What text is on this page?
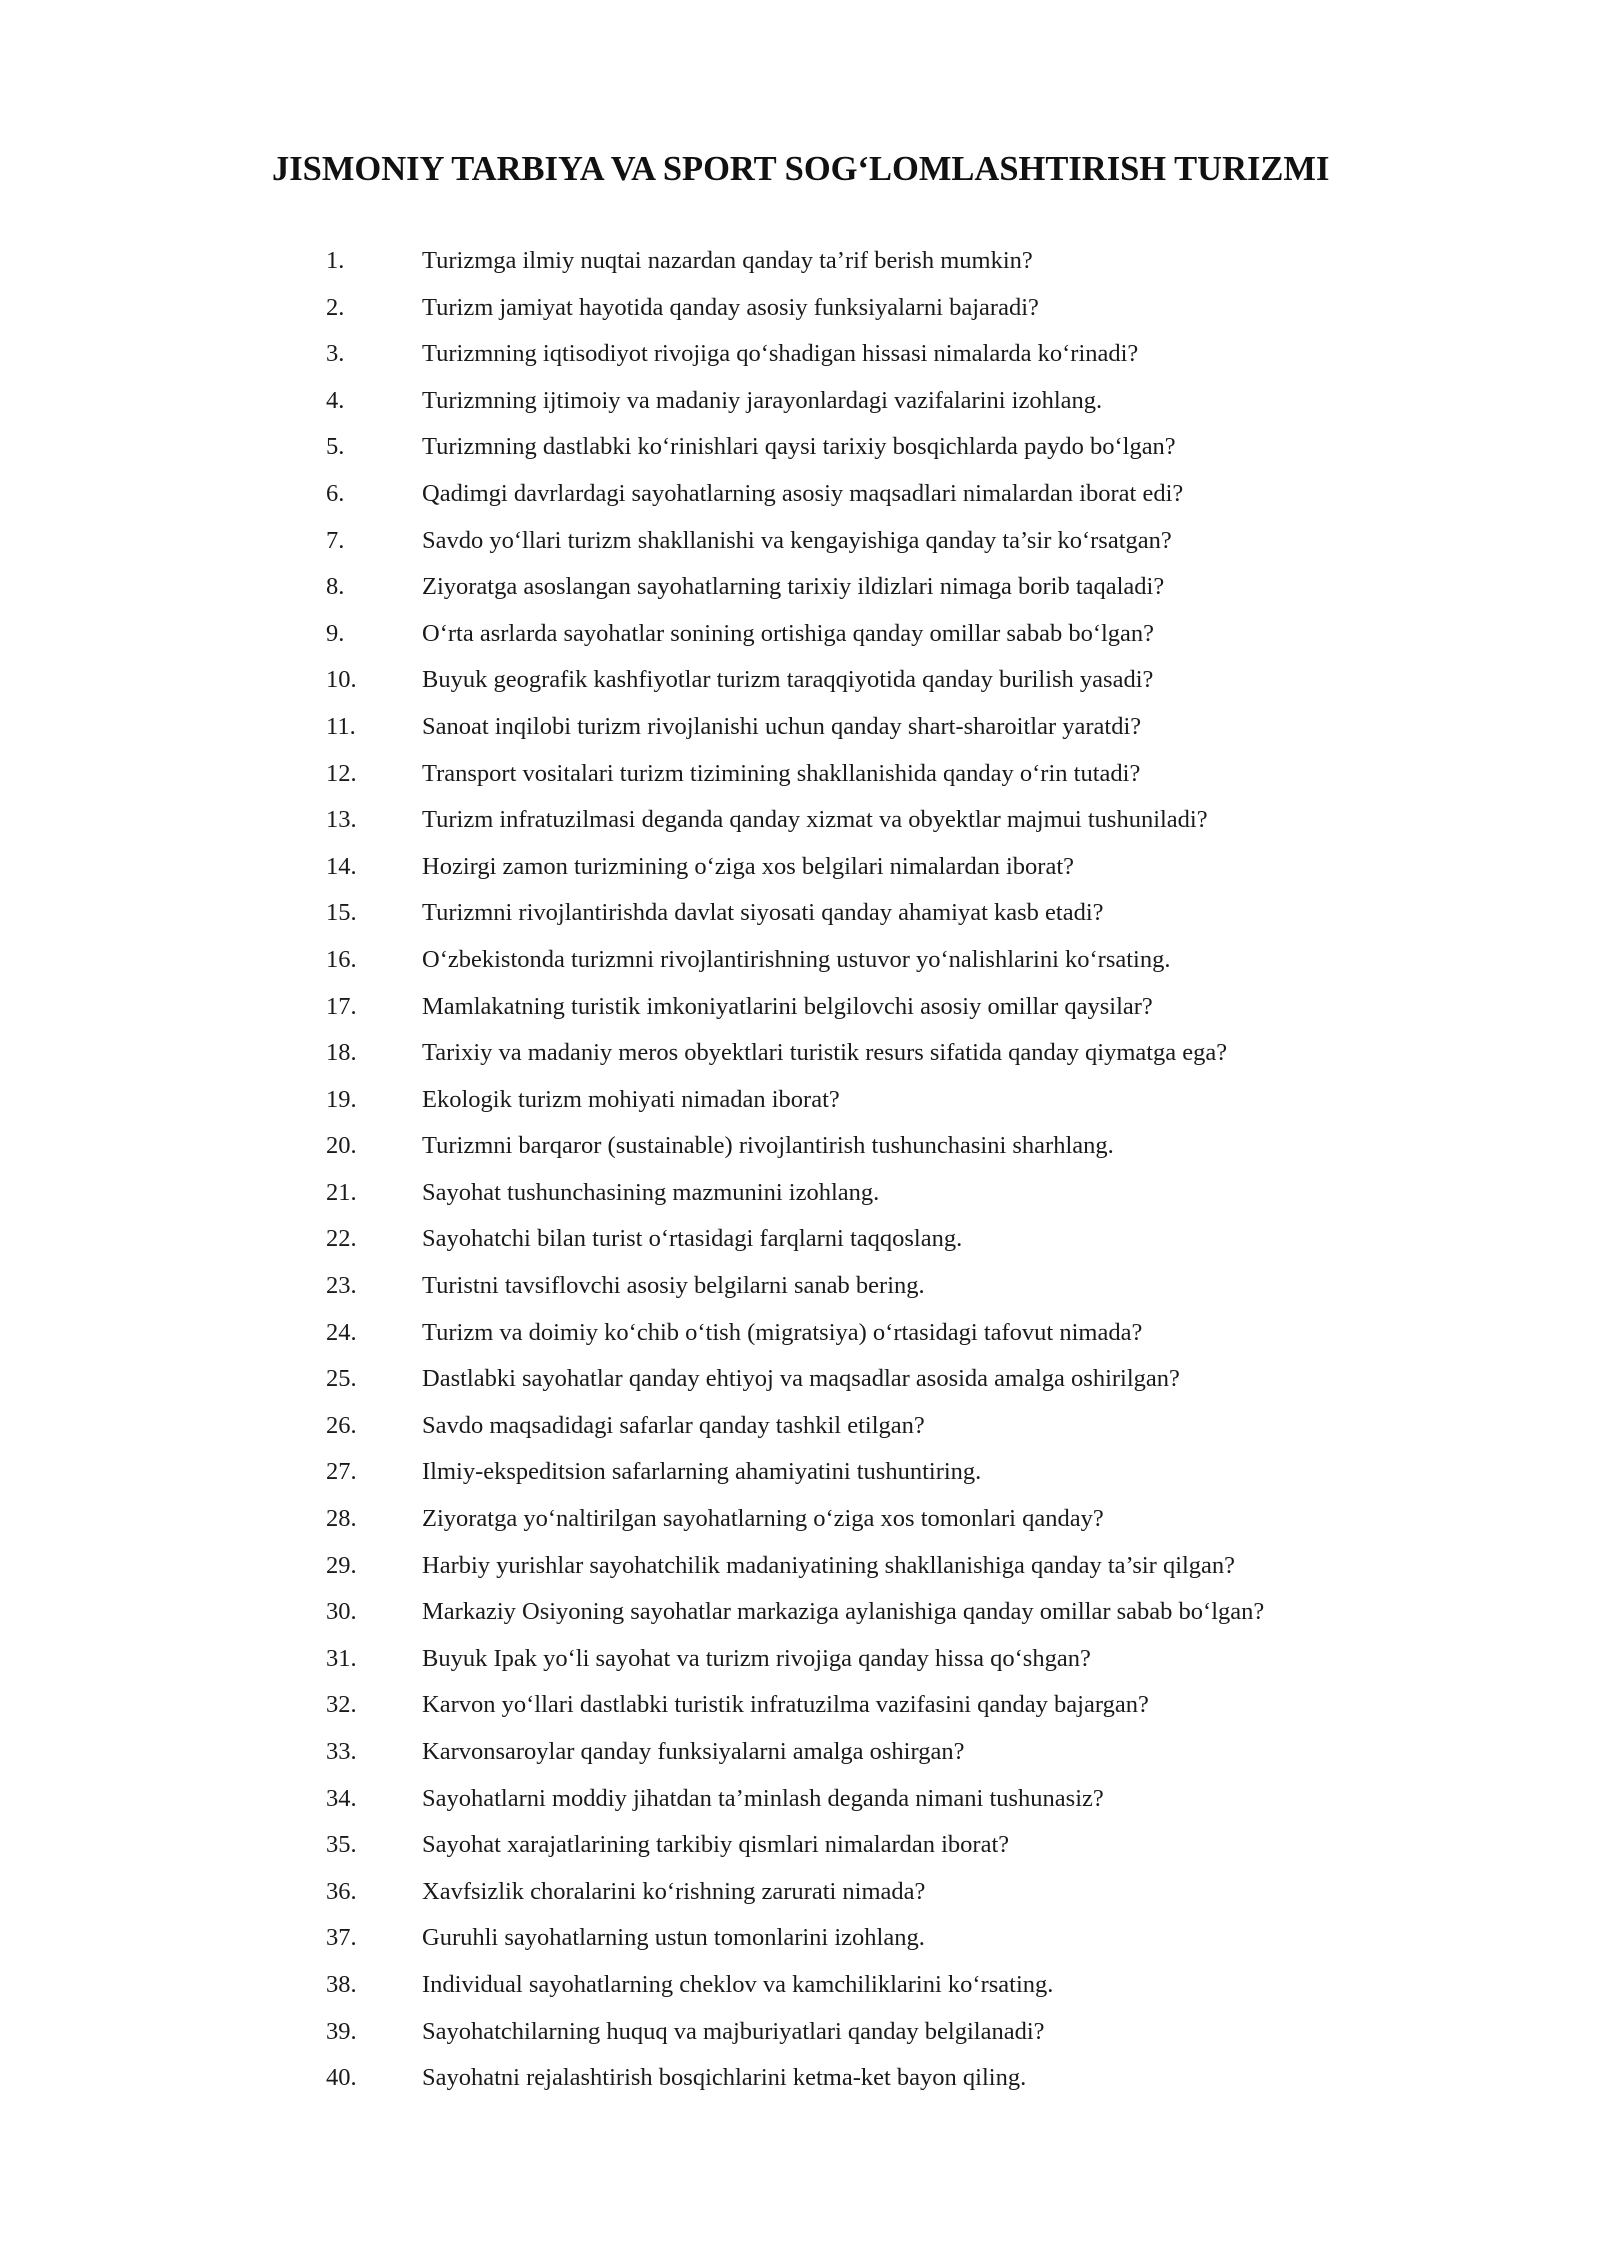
JISMONIY TARBIYA VA SPORT SOG‘LOMLASHTIRISH TURIZMI
1.	Turizmga ilmiy nuqtai nazardan qanday ta’rif berish mumkin?
2.	Turizm jamiyat hayotida qanday asosiy funksiyalarni bajaradi?
3.	Turizmning iqtisodiyot rivojiga qo‘shadigan hissasi nimalarda ko‘rinadi?
4.	Turizmning ijtimoiy va madaniy jarayonlardagi vazifalarini izohlang.
5.	Turizmning dastlabki ko‘rinishlari qaysi tarixiy bosqichlarda paydo bo‘lgan?
6.	Qadimgi davrlardagi sayohatlarning asosiy maqsadlari nimalardan iborat edi?
7.	Savdo yo‘llari turizm shakllanishi va kengayishiga qanday ta’sir ko‘rsatgan?
8.	Ziyoratga asoslangan sayohatlarning tarixiy ildizlari nimaga borib taqaladi?
9.	O‘rta asrlarda sayohatlar sonining ortishiga qanday omillar sabab bo‘lgan?
10.	Buyuk geografik kashfiyotlar turizm taraqqiyotida qanday burilish yasadi?
11.	Sanoat inqilobi turizm rivojlanishi uchun qanday shart-sharoitlar yaratdi?
12.	Transport vositalari turizm tizimining shakllanishida qanday o‘rin tutadi?
13.	Turizm infratuzilmasi deganda qanday xizmat va obyektlar majmui tushuniladi?
14.	Hozirgi zamon turizmining o‘ziga xos belgilari nimalardan iborat?
15.	Turizmni rivojlantirishda davlat siyosati qanday ahamiyat kasb etadi?
16.	O‘zbekistonda turizmni rivojlantirishning ustuvor yo‘nalishlarini ko‘rsating.
17.	Mamlakatning turistik imkoniyatlarini belgilovchi asosiy omillar qaysilar?
18.	Tarixiy va madaniy meros obyektlari turistik resurs sifatida qanday qiymatga ega?
19.	Ekologik turizm mohiyati nimadan iborat?
20.	Turizmni barqaror (sustainable) rivojlantirish tushunchasini sharhlang.
21.	Sayohat tushunchasining mazmunini izohlang.
22.	Sayohatchi bilan turist o‘rtasidagi farqlarni taqqoslang.
23.	Turistni tavsiflovchi asosiy belgilarni sanab bering.
24.	Turizm va doimiy ko‘chib o‘tish (migratsiya) o‘rtasidagi tafovut nimada?
25.	Dastlabki sayohatlar qanday ehtiyoj va maqsadlar asosida amalga oshirilgan?
26.	Savdo maqsadidagi safarlar qanday tashkil etilgan?
27.	Ilmiy-ekspeditsion safarlarning ahamiyatini tushuntiring.
28.	Ziyoratga yo‘naltirilgan sayohatlarning o‘ziga xos tomonlari qanday?
29.	Harbiy yurishlar sayohatchilik madaniyatining shakllanishiga qanday ta’sir qilgan?
30.	Markaziy Osiyoning sayohatlar markaziga aylanishiga qanday omillar sabab bo‘lgan?
31.	Buyuk Ipak yo‘li sayohat va turizm rivojiga qanday hissa qo‘shgan?
32.	Karvon yo‘llari dastlabki turistik infratuzilma vazifasini qanday bajargan?
33.	Karvonsaroylar qanday funksiyalarni amalga oshirgan?
34.	Sayohatlarni moddiy jihatdan ta’minlash deganda nimani tushunasiz?
35.	Sayohat xarajatlarining tarkibiy qismlari nimalardan iborat?
36.	Xavfsizlik choralarini ko‘rishning zarurati nimada?
37.	Guruhli sayohatlarning ustun tomonlarini izohlang.
38.	Individual sayohatlarning cheklov va kamchiliklarini ko‘rsating.
39.	Sayohatchilarning huquq va majburiyatlari qanday belgilanadi?
40.	Sayohatni rejalashtirish bosqichlarini ketma-ket bayon qiling.
